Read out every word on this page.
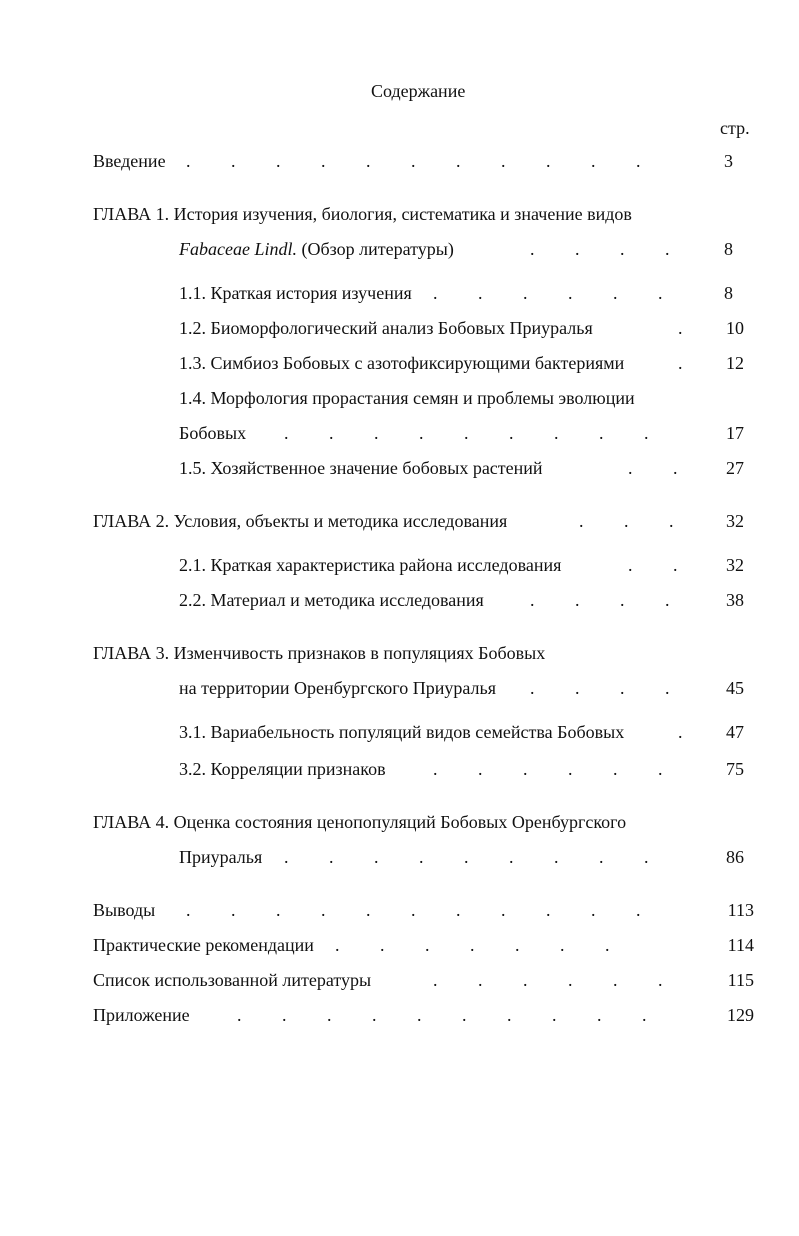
Содержание
стр.
Введение .         .         .         .         .         .         .         .         .         .         .	3
ГЛАВА 1. История изучения, биология, систематика и значение видов
Fabaceae Lindl. (Обзор литературы)	.         .         .         .	8
1.1. Краткая история изучения .         .         .         .         .         .	8
1.2. Биоморфологический анализ Бобовых Приуралья	.	10
1.3. Симбиоз Бобовых с азотофиксирующими бактериями	.	12
1.4. Морфология прорастания семян и проблемы эволюции
Бобовых .         .         .         .         .         .         .         .         .	17
1.5. Хозяйственное значение бобовых растений	.         .	27
ГЛАВА 2. Условия, объекты и методика исследования	.         .         .	32
2.1. Краткая характеристика района исследования	.         .	32
2.2. Материал и методика исследования	.         .         .         .	38
ГЛАВА 3. Изменчивость признаков в популяциях Бобовых
на территории Оренбургского Приуралья .         .         .         .	45
3.1. Вариабельность популяций видов семейства Бобовых	.	47
3.2. Корреляции признаков	.         .         .         .         .         .	75
ГЛАВА 4. Оценка состояния ценопопуляций Бобовых Оренбургского
Приуралья .         .         .         .         .         .         .         .         .	86
Выводы .         .         .         .         .         .         .         .         .         .         .	113
Практические рекомендации .         .         .         .         .         .         .	114
Список использованной литературы	.         .         .         .         .         .	115
Приложение	.         .         .         .         .         .         .         .         .         .	129
